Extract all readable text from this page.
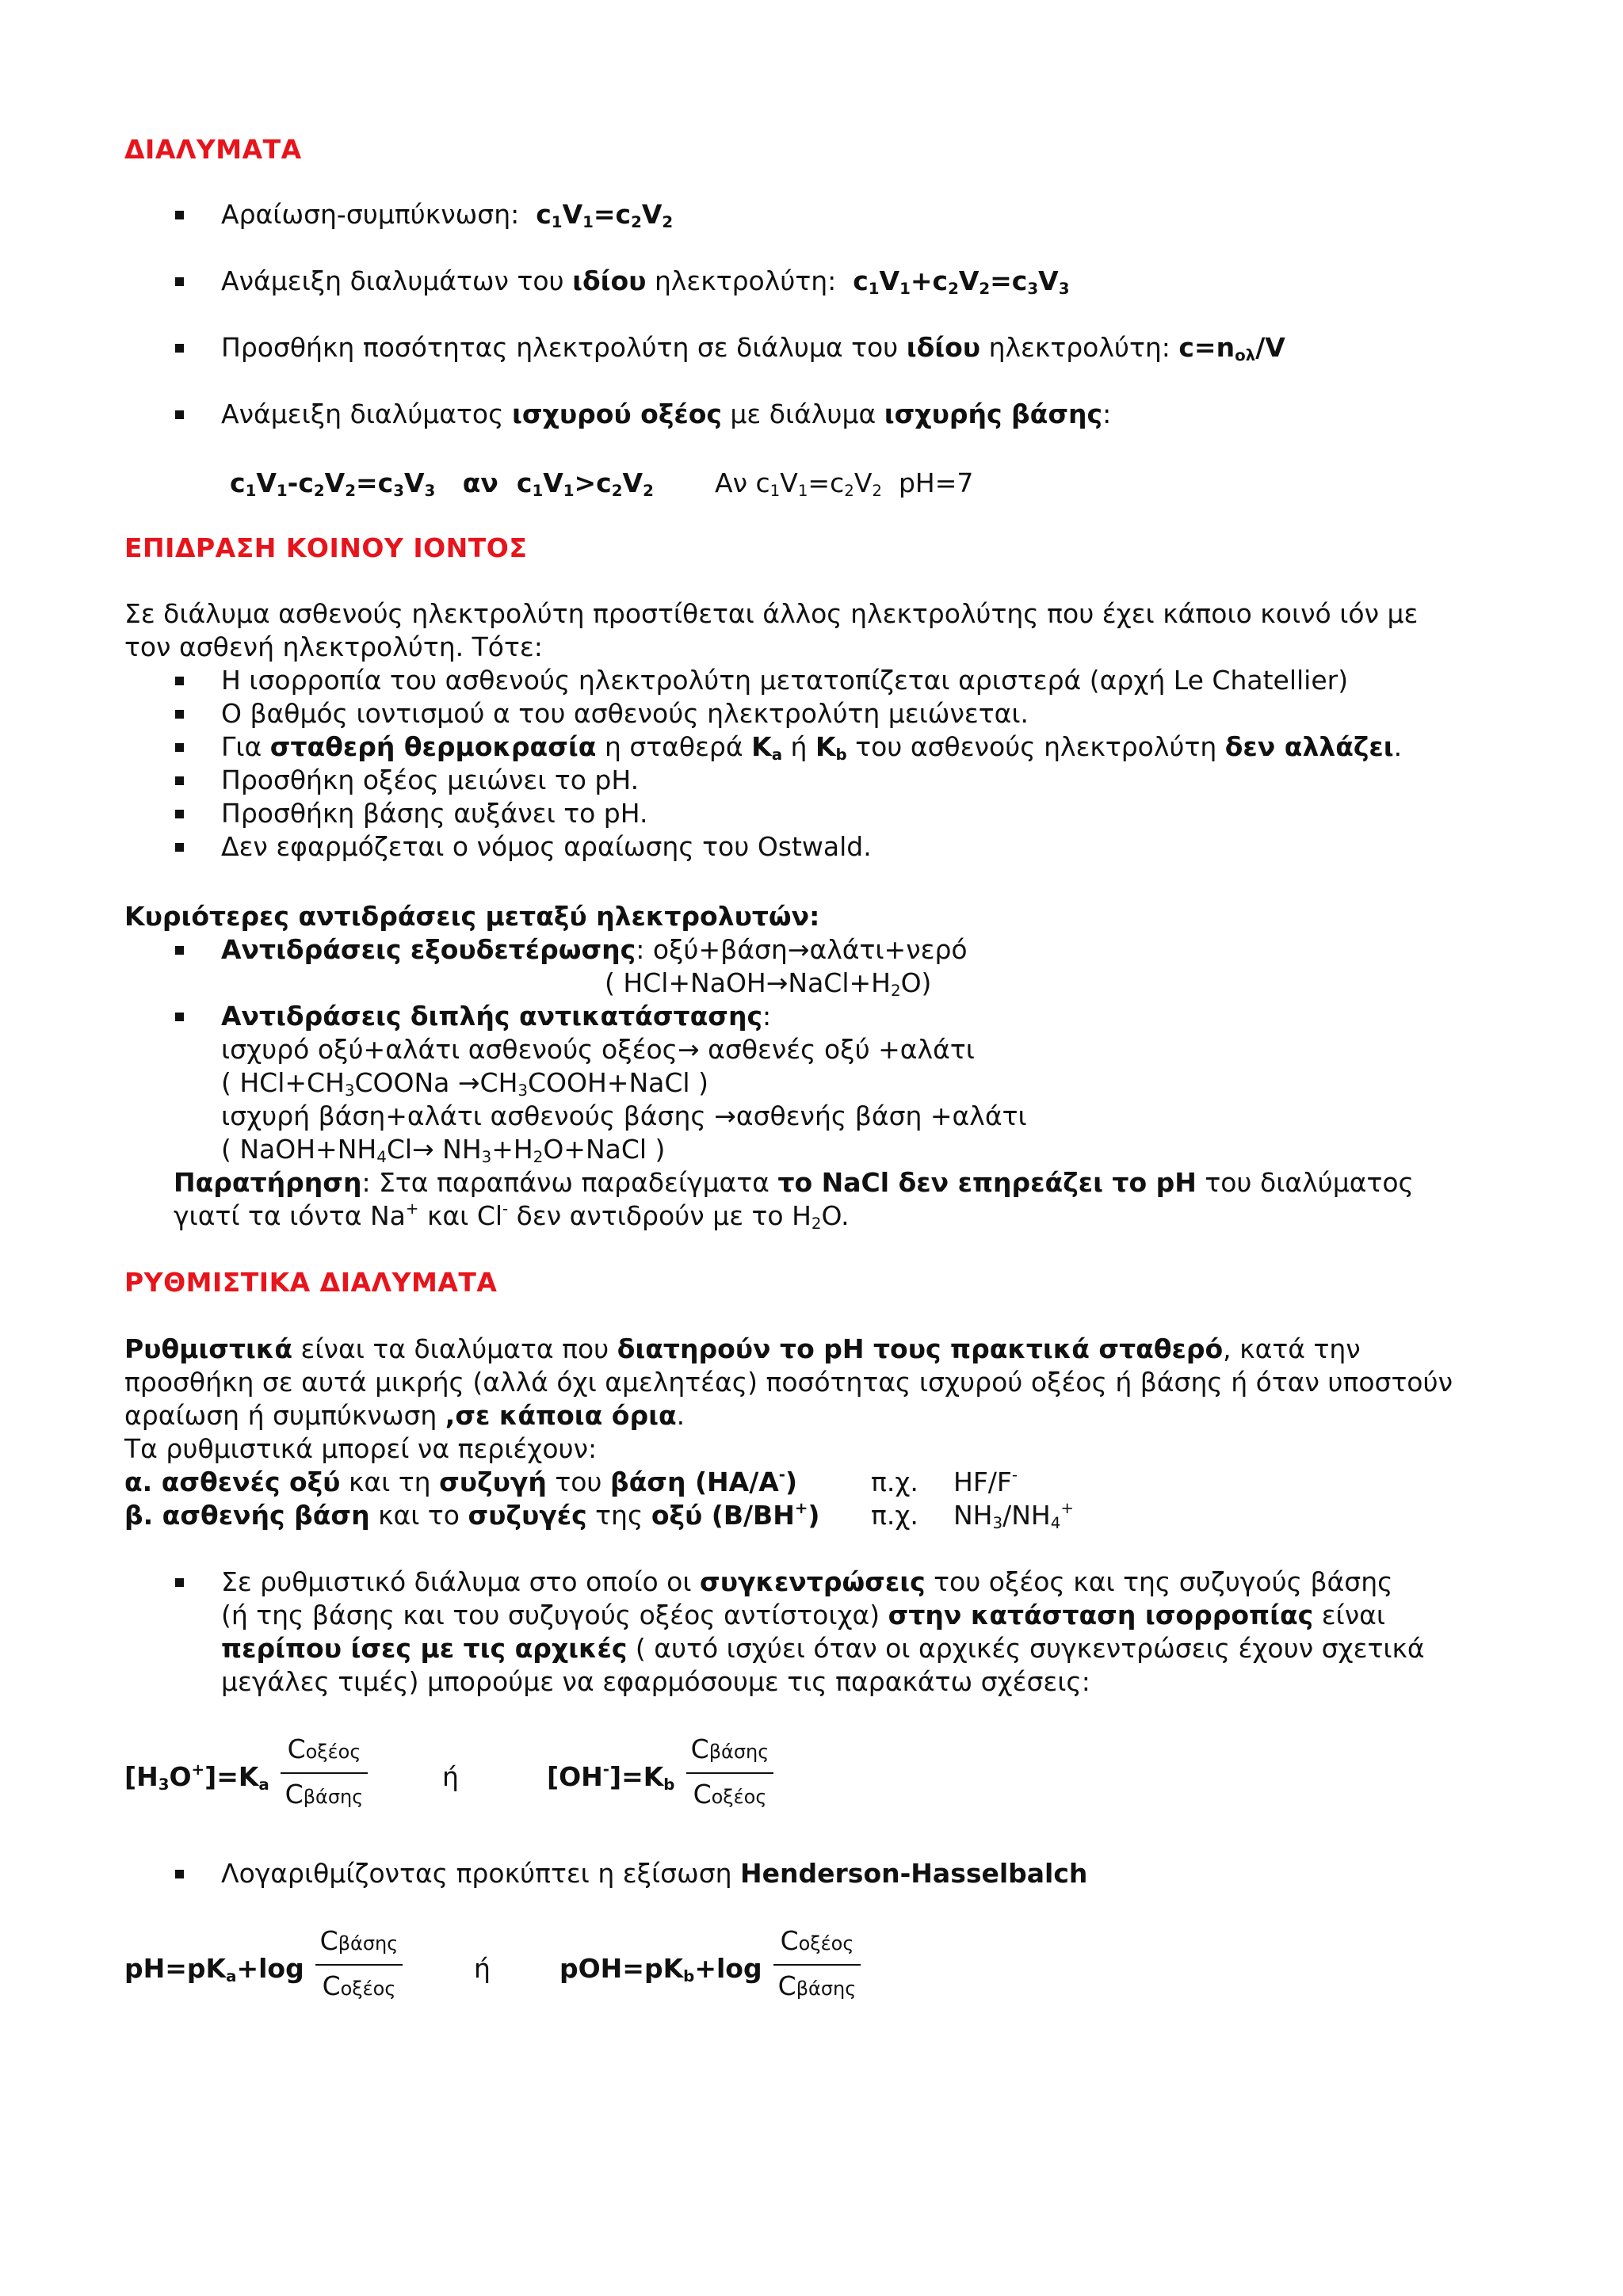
ΔΙΑΛΥΜΑΤΑ
Αραίωση-συμπύκνωση: $c_1V_1=c_2V_2$
Ανάμειξη διαλυμάτων του ιδίου ηλεκτρολύτη: $c_1V_1+c_2V_2=c_3V_3$
Προσθήκη ποσότητας ηλεκτρολύτη σε διάλυμα του ιδίου ηλεκτρολύτη: $c=n_{o\lambda}/V$
Ανάμειξη διαλύματος ισχυρού οξέος με διάλυμα ισχυρής βάσης:
$c_1V_1-c_2V_2=c_3V_3$ αν  $c_1V_1>c_2V_2$ Αν $c_1V_1=c_2V_2$ pH=7
ΕΠΙΔΡΑΣΗ ΚΟΙΝΟΥ ΙΟΝΤΟΣ
Σε διάλυμα ασθενούς ηλεκτρολύτη προστίθεται άλλος ηλεκτρολύτης που έχει κάποιο κοινό ιόν με
τον ασθενή ηλεκτρολύτη. Τότε:
Η ισορροπία του ασθενούς ηλεκτρολύτη μετατοπίζεται αριστερά (αρχή Le Chatellier)
Ο βαθμός ιοντισμού α του ασθενούς ηλεκτρολύτη μειώνεται.
Για σταθερή θερμοκρασία η σταθερά $K_a$ ή $K_b$ του ασθενούς ηλεκτρολύτη δεν αλλάζει.
Προσθήκη οξέος μειώνει το pH.
Προσθήκη βάσης αυξάνει το pH.
Δεν εφαρμόζεται ο νόμος αραίωσης του Ostwald.
Κυριότερες αντιδράσεις μεταξύ ηλεκτρολυτών:
Αντιδράσεις εξουδετέρωσης: οξύ+βάση→αλάτι+νερό
( $HCl+NaOH\to NaCl+H_2O$)
Αντιδράσεις διπλής αντικατάστασης:
ισχυρό οξύ+αλάτι ασθενούς οξέος→ ασθενές οξύ +αλάτι
( $HCl+CH_3COONa$ $\to CH_3COOH+NaCl$ )
ισχυρή βάση+αλάτι ασθενούς βάσης →ασθενής βάση +αλάτι
( $NaOH+NH_4Cl\to$ $NH_3+H_2O+NaCl$ )
Παρατήρηση: Στα παραπάνω παραδείγματα το NaCl δεν επηρεάζει το pH του διαλύματος
γιατί τα ιόντα Na+ και Cl- δεν αντιδρούν με το $H_2O$.
ΡΥΘΜΙΣΤΙΚΑ ΔΙΑΛΥΜΑΤΑ
Ρυθμιστικά είναι τα διαλύματα που διατηρούν το pH τους πρακτικά σταθερό, κατά την
προσθήκη σε αυτά μικρής (αλλά όχι αμελητέας) ποσότητας ισχυρού οξέος ή βάσης ή όταν υποστούν
αραίωση ή συμπύκνωση ,σε κάποια όρια.
Τα ρυθμιστικά μπορεί να περιέχουν:
α. ασθενές οξύ και τη συζυγή του βάση (HA/A-)	π.χ. HF/F-
β. ασθενής βάση και το συζυγές της οξύ (B/BH+) π.χ. $NH_3/NH_4^+$
Σε ρυθμιστικό διάλυμα στο οποίο οι συγκεντρώσεις του οξέος και της συζυγούς βάσης
(ή της βάσης και του συζυγούς οξέος αντίστοιχα) στην κατάσταση ισορροπίας είναι
περίπου ίσες με τις αρχικές ( αυτό ισχύει όταν οι αρχικές συγκεντρώσεις έχουν σχετικά
μεγάλες τιμές) μπορούμε να εφαρμόσουμε τις παρακάτω σχέσεις:
$[H_3O^+]=K_a$
Cοξέος
Cβάσης
ή	$[OH^-]=K_b$
Cβάσης
Cοξέος
Λογαριθμίζοντας προκύπτει η εξίσωση Henderson-Hasselbalch
$pH=pK_a+\log$
Cβάσης
Cοξέος
ή	$pOH=pK_b+\log$
Cοξέος
Cβάσης
